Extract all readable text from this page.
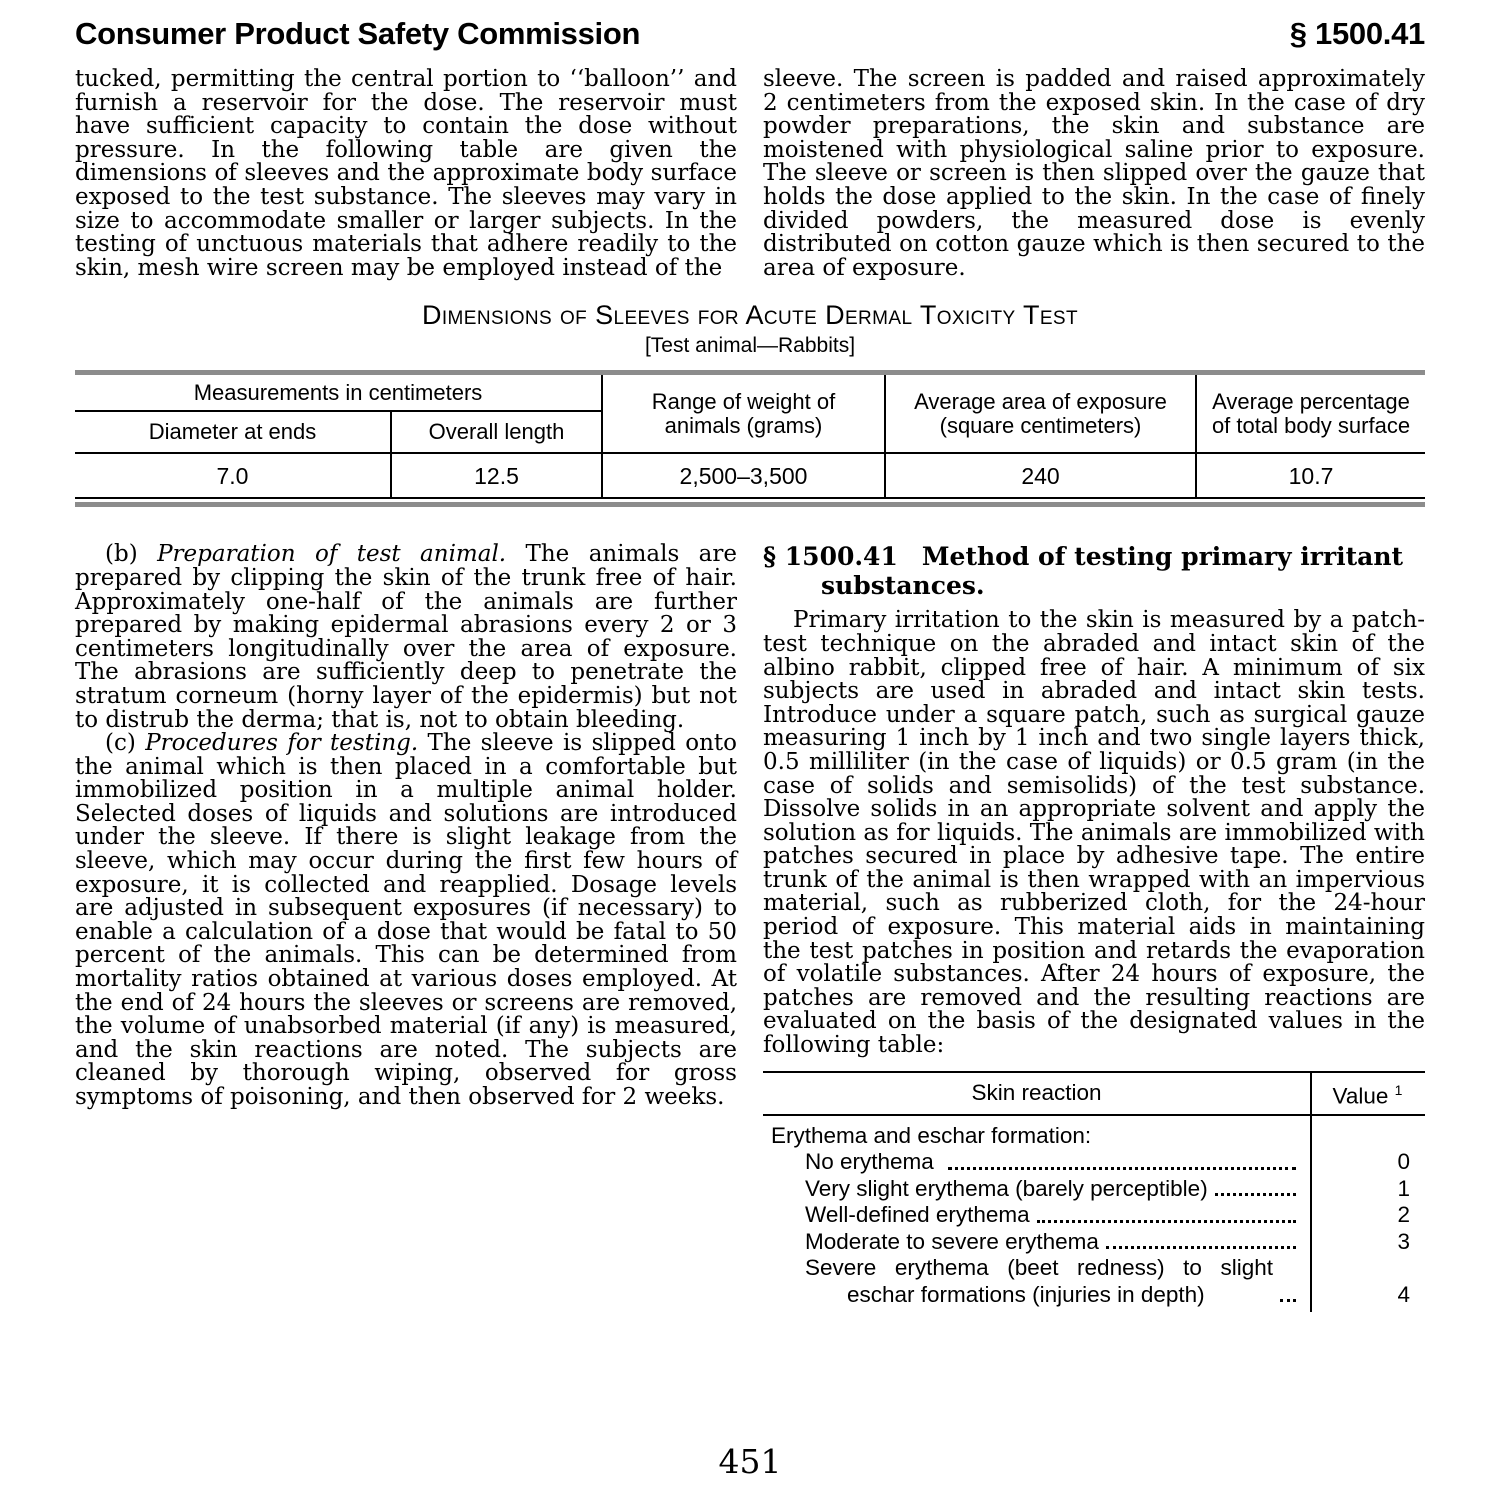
Consumer Product Safety Commission	§ 1500.41

tucked, permitting the central portion to ‘‘balloon’’ and furnish a reservoir for the dose. The reservoir must have sufficient capacity to contain the dose without pressure. In the following table are given the dimensions of sleeves and the approximate body surface exposed to the test substance. The sleeves may vary in size to accommodate smaller or larger subjects. In the testing of unctuous materials that adhere readily to the skin, mesh wire screen may be employed instead of the

sleeve. The screen is padded and raised approximately 2 centimeters from the exposed skin. In the case of dry powder preparations, the skin and substance are moistened with physiological saline prior to exposure. The sleeve or screen is then slipped over the gauze that holds the dose applied to the skin. In the case of finely divided powders, the measured dose is evenly distributed on cotton gauze which is then secured to the area of exposure.

Dimensions of Sleeves for Acute Dermal Toxicity Test
[Test animal—Rabbits]
Measurements in centimeters
Diameter at ends	Overall length
Range of weight of animals (grams)
Average area of exposure (square centimeters)
Average percentage of total body surface
7.0	12.5	2,500–3,500	240	10.7

(b) Preparation of test animal. The animals are prepared by clipping the skin of the trunk free of hair. Approximately one-half of the animals are further prepared by making epidermal abrasions every 2 or 3 centimeters longitudinally over the area of exposure. The abrasions are sufficiently deep to penetrate the stratum corneum (horny layer of the epidermis) but not to distrub the derma; that is, not to obtain bleeding.

(c) Procedures for testing. The sleeve is slipped onto the animal which is then placed in a comfortable but immobilized position in a multiple animal holder. Selected doses of liquids and solutions are introduced under the sleeve. If there is slight leakage from the sleeve, which may occur during the first few hours of exposure, it is collected and reapplied. Dosage levels are adjusted in subsequent exposures (if necessary) to enable a calculation of a dose that would be fatal to 50 percent of the animals. This can be determined from mortality ratios obtained at various doses employed. At the end of 24 hours the sleeves or screens are removed, the volume of unabsorbed material (if any) is measured, and the skin reactions are noted. The subjects are cleaned by thorough wiping, observed for gross symptoms of poisoning, and then observed for 2 weeks.

§ 1500.41 Method of testing primary irritant substances.

Primary irritation to the skin is measured by a patch-test technique on the abraded and intact skin of the albino rabbit, clipped free of hair. A minimum of six subjects are used in abraded and intact skin tests. Introduce under a square patch, such as surgical gauze measuring 1 inch by 1 inch and two single layers thick, 0.5 milliliter (in the case of liquids) or 0.5 gram (in the case of solids and semisolids) of the test substance. Dissolve solids in an appropriate solvent and apply the solution as for liquids. The animals are immobilized with patches secured in place by adhesive tape. The entire trunk of the animal is then wrapped with an impervious material, such as rubberized cloth, for the 24-hour period of exposure. This material aids in maintaining the test patches in position and retards the evaporation of volatile substances. After 24 hours of exposure, the patches are removed and the resulting reactions are evaluated on the basis of the designated values in the following table:

Skin reaction	Value $^1$
Erythema and eschar formation:
No erythema	0
Very slight erythema (barely perceptible)	1
Well-defined erythema	2
Moderate to severe erythema	3
Severe erythema (beet redness) to slight eschar formations (injuries in depth)	4
451
